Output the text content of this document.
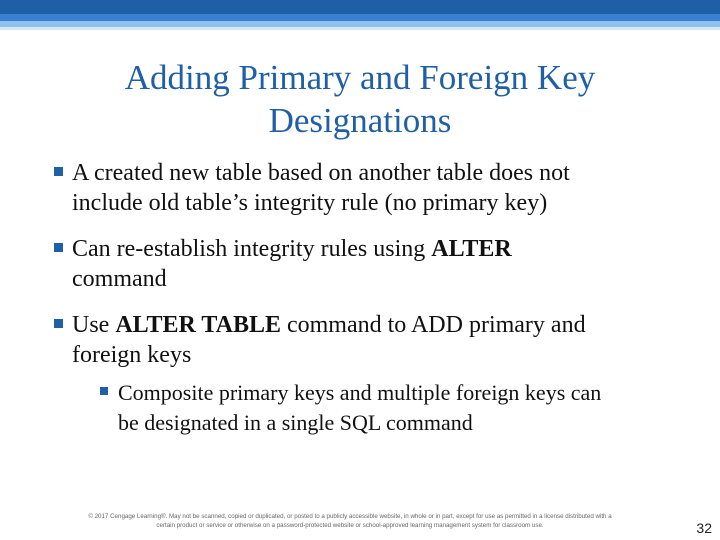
Adding Primary and Foreign Key
Designations
A created new table based on another table does not
include old table’s integrity rule (no primary key)
Can re-establish integrity rules using ALTER
command
Use ALTER TABLE command to ADD primary and
foreign keys
Composite primary keys and multiple foreign keys can
be designated in a single SQL command
© 2017 Cengage Learning®. May not be scanned, copied or duplicated, or posted to a publicly accessible website, in whole or in part, except for use as permitted in a license distributed with a
certain product or service or otherwise on a password-protected website or school-approved learning management system for classroom use.	32
